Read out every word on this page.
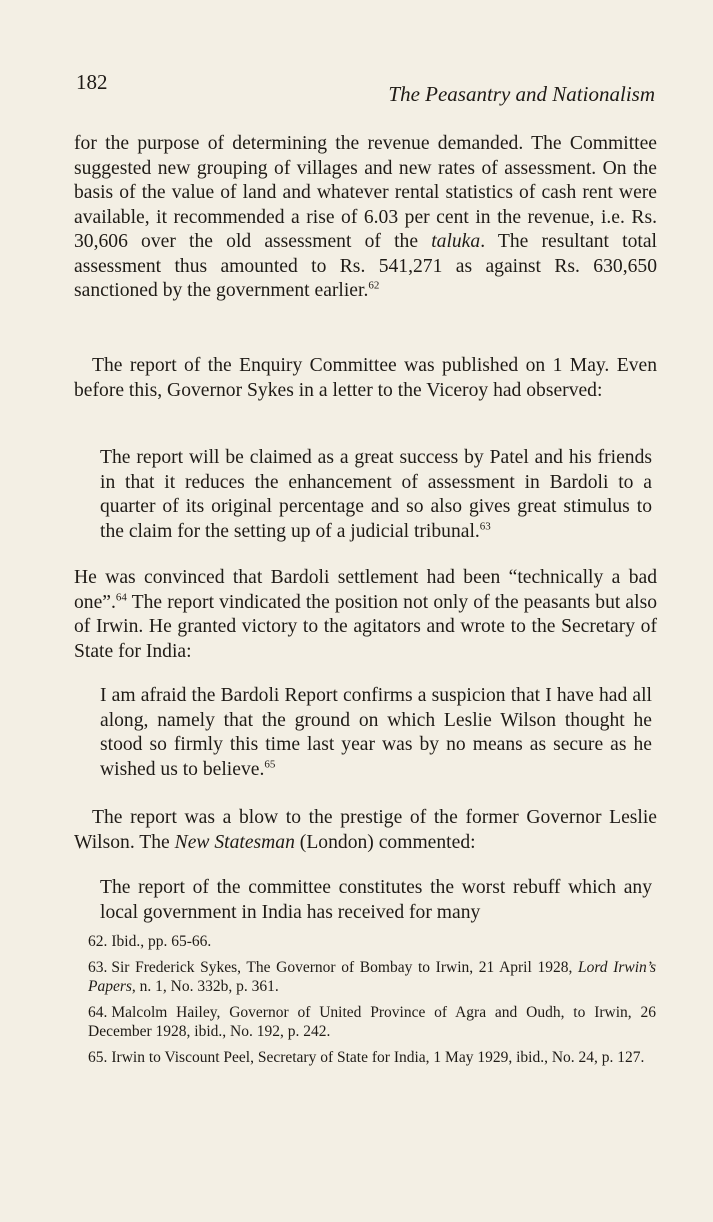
182	The Peasantry and Nationalism

for the purpose of determining the revenue demanded. The Committee suggested new grouping of villages and new rates of assessment. On the basis of the value of land and whatever rental statistics of cash rent were available, it recommended a rise of 6.03 per cent in the revenue, i.e. Rs. 30,606 over the old assessment of the taluka. The resultant total assessment thus amounted to Rs. 541,271 as against Rs. 630,650 sanctioned by the government earlier.$^{62}$

The report of the Enquiry Committee was published on 1 May. Even before this, Governor Sykes in a letter to the Viceroy had observed:

The report will be claimed as a great success by Patel and his friends in that it reduces the enhancement of assessment in Bardoli to a quarter of its original percentage and so also gives great stimulus to the claim for the setting up of a judicial tribunal.$^{63}$

He was convinced that Bardoli settlement had been “technically a bad one”.$^{64}$ The report vindicated the position not only of the peasants but also of Irwin. He granted victory to the agitators and wrote to the Secretary of State for India:

I am afraid the Bardoli Report confirms a suspicion that I have had all along, namely that the ground on which Leslie Wilson thought he stood so firmly this time last year was by no means as secure as he wished us to believe.$^{65}$

The report was a blow to the prestige of the former Governor Leslie Wilson. The New Statesman (London) commented:

The report of the committee constitutes the worst rebuff which any local government in India has received for many

62. Ibid., pp. 65-66.

63. Sir Frederick Sykes, The Governor of Bombay to Irwin, 21 April 1928, Lord Irwin’s Papers, n. 1, No. 332b, p. 361.

64. Malcolm Hailey, Governor of United Province of Agra and Oudh, to Irwin, 26 December 1928, ibid., No. 192, p. 242.

65. Irwin to Viscount Peel, Secretary of State for India, 1 May 1929, ibid., No. 24, p. 127.
